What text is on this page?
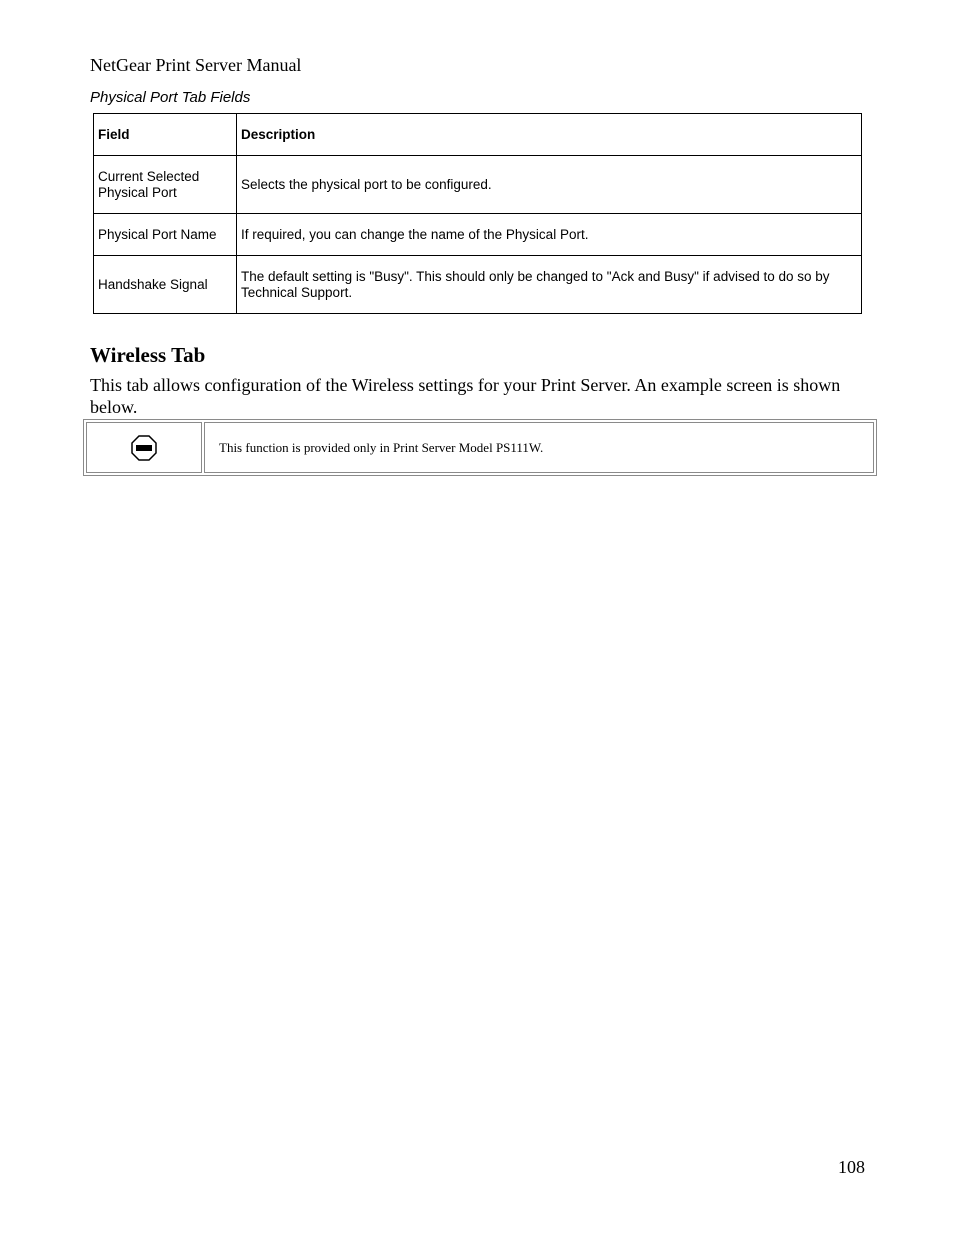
NetGear Print Server Manual
Physical Port Tab Fields
Field	Description
Current Selected Physical Port	Selects the physical port to be configured.
Physical Port Name	If required, you can change the name of the Physical Port.
Handshake Signal	The default setting is "Busy". This should only be changed to "Ack and Busy" if advised to do so by Technical Support.
Wireless Tab
This tab allows configuration of the Wireless settings for your Print Server. An example screen is shown below.
This function is provided only in Print Server Model PS111W.
108
